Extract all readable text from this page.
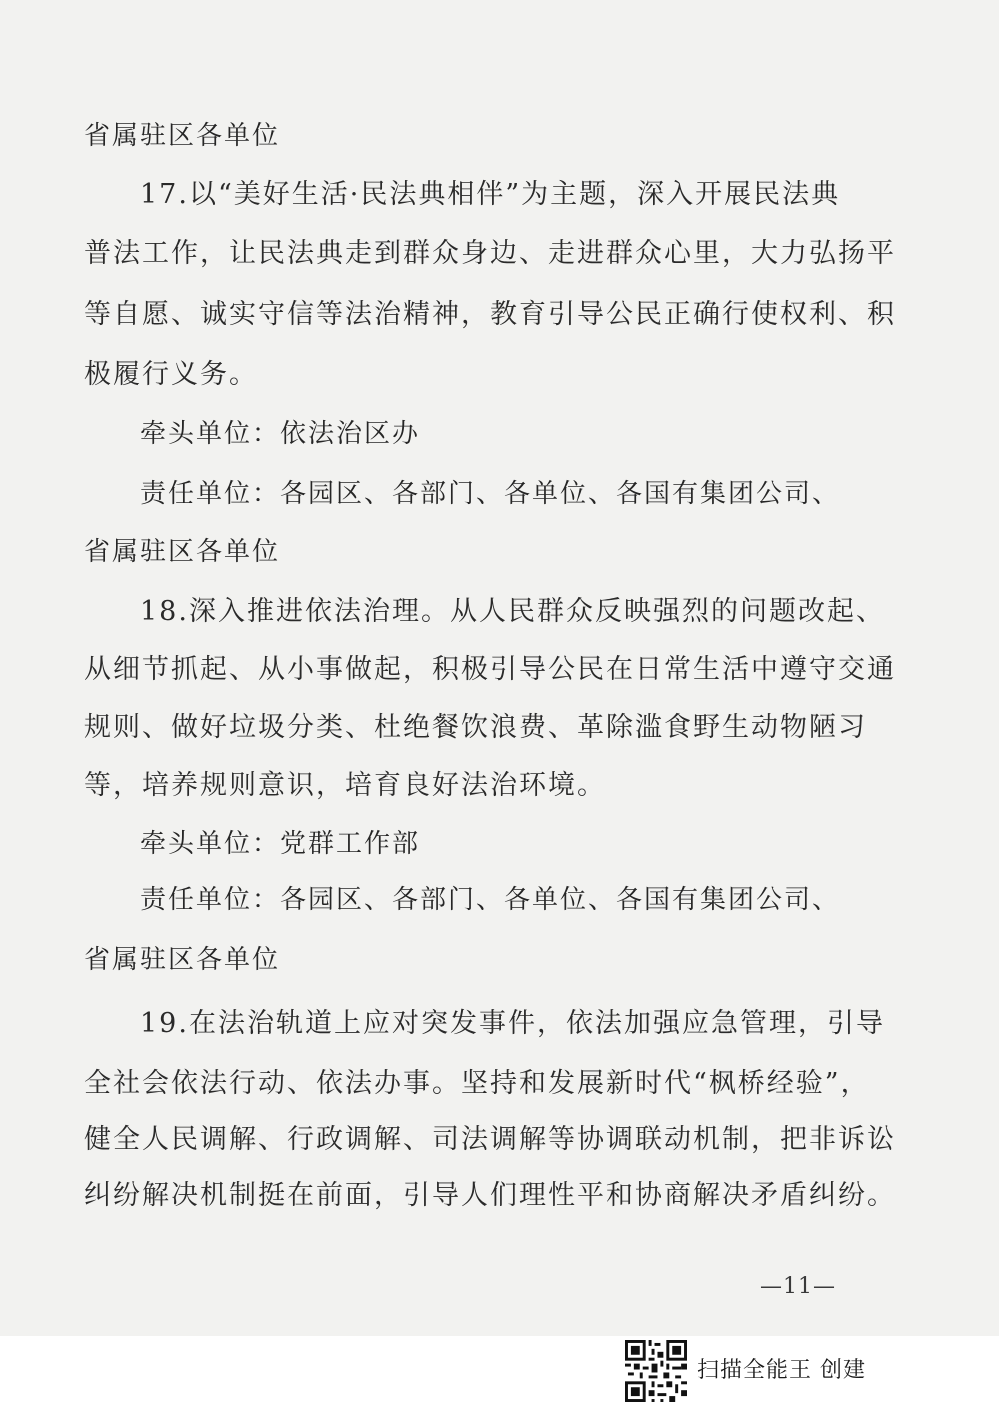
省属驻区各单位

17.以“美好生活·民法典相伴”为主题，深入开展民法典

普法工作，让民法典走到群众身边、走进群众心里，大力弘扬平

等自愿、诚实守信等法治精神，教育引导公民正确行使权利、积

极履行义务。

牵头单位：依法治区办

责任单位：各园区、各部门、各单位、各国有集团公司、

省属驻区各单位

18.深入推进依法治理。从人民群众反映强烈的问题改起、

从细节抓起、从小事做起，积极引导公民在日常生活中遵守交通

规则、做好垃圾分类、杜绝餐饮浪费、革除滥食野生动物陋习

等，培养规则意识，培育良好法治环境。

牵头单位：党群工作部

责任单位：各园区、各部门、各单位、各国有集团公司、

省属驻区各单位

19.在法治轨道上应对突发事件，依法加强应急管理，引导

全社会依法行动、依法办事。坚持和发展新时代“枫桥经验”，

健全人民调解、行政调解、司法调解等协调联动机制，把非诉讼

纠纷解决机制挺在前面，引导人们理性平和协商解决矛盾纠纷。

—11—
扫描全能王 创建
